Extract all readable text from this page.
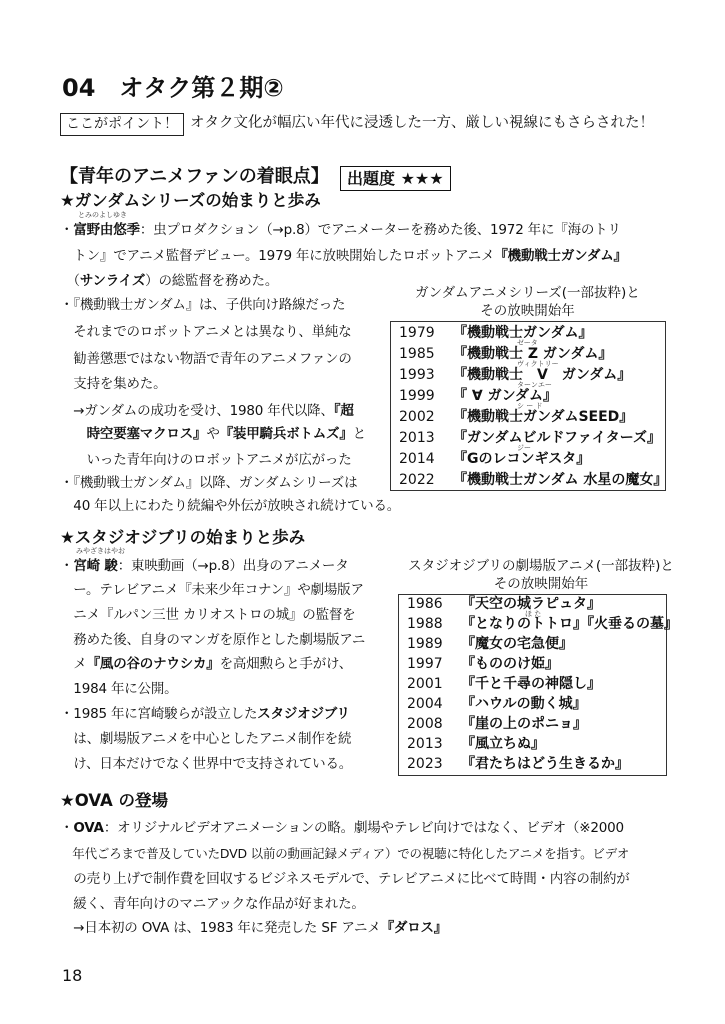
04　オタク第２期②
ここがポイント！ オタク文化が幅広い年代に浸透した一方、厳しい視線にもさらされた！
【青年のアニメファンの着眼点】	出題度 ★★★
★ガンダムシリーズの始まりと歩み
とみのよしゆき
・富野由悠季：虫プロダクション（→p.8）でアニメーターを務めた後、1972 年に『海のトリ
　トン』でアニメ監督デビュー。1979 年に放映開始したロボットアニメ『機動戦士ガンダム』
　（サンライズ）の総監督を務めた。
・『機動戦士ガンダム』は、子供向け路線だった
　それまでのロボットアニメとは異なり、単純な
　勧善懲悪ではない物語で青年のアニメファンの
　支持を集めた。
　→ガンダムの成功を受け、1980 年代以降、『超
　　時空要塞マクロス』や『装甲騎兵ボトムズ』と
　　いった青年向けのロボットアニメが広がった
・『機動戦士ガンダム』以降、ガンダムシリーズは
　40 年以上にわたり続編や外伝が放映され続けている。
ガンダムアニメシリーズ(一部抜粋)と
その放映開始年
1979 『機動戦士ガンダム』
1985 『機動戦士 Ζ ガンダム』
ゼータ
1993 『機動戦士　V　ガンダム』
ヴィクトリー
1999 『 ∀ ガンダム』
ターンエー
2002 『機動戦士ガンダムSEED』
シ ー ド
2013 『ガンダムビルドファイターズ』
2014 『Gのレコンギスタ』
ジー
2022 『機動戦士ガンダム 水星の魔女』
★スタジオジブリの始まりと歩み
みやざきはやお
・宮崎 駿：東映動画（→p.8）出身のアニメータ
　ー。テレビアニメ『未来少年コナン』や劇場版ア
　ニメ『ルパン三世 カリオストロの城』の監督を
　務めた後、自身のマンガを原作とした劇場版アニ
　メ『風の谷のナウシカ』を高畑勲らと手がけ、
　1984 年に公開。
・1985 年に宮崎駿らが設立したスタジオジブリ
　は、劇場版アニメを中心としたアニメ制作を続
　け、日本だけでなく世界中で支持されている。
スタジオジブリの劇場版アニメ(一部抜粋)と
その放映開始年
1986 『天空の城ラピュタ』
1988 『となりのトトロ』『火垂るの墓』
ほ た
1989 『魔女の宅急便』
1997 『もののけ姫』
2001 『千と千尋の神隠し』
2004 『ハウルの動く城』
2008 『崖の上のポニョ』
2013 『風立ちぬ』
2023 『君たちはどう生きるか』
★OVA の登場
・OVA：オリジナルビデオアニメーションの略。劇場やテレビ向けではなく、ビデオ（※2000
　年代ごろまで普及していたDVD 以前の動画記録メディア）での視聴に特化したアニメを指す。ビデオ
　の売り上げで制作費を回収するビジネスモデルで、テレビアニメに比べて時間・内容の制約が
　緩く、青年向けのマニアックな作品が好まれた。
　→日本初の OVA は、1983 年に発売した SF アニメ『ダロス』
18
